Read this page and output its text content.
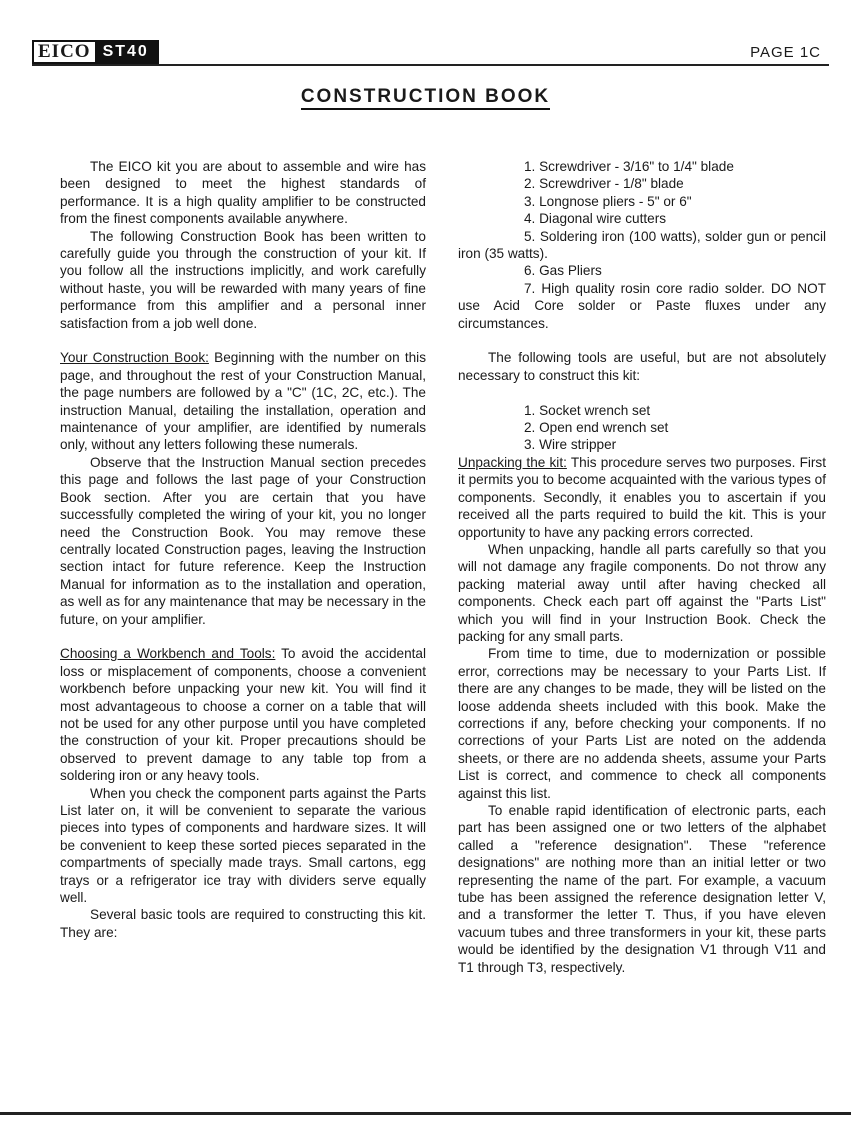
EICO ST40	PAGE 1C
CONSTRUCTION BOOK

The EICO kit you are about to assemble and wire has been designed to meet the highest standards of performance. It is a high quality amplifier to be constructed from the finest components available anywhere.

The following Construction Book has been written to carefully guide you through the construction of your kit. If you follow all the instructions implicitly, and work carefully without haste, you will be rewarded with many years of fine performance from this amplifier and a personal inner satisfaction from a job well done.

Your Construction Book: Beginning with the number on this page, and throughout the rest of your Construction Manual, the page numbers are followed by a "C" (1C, 2C, etc.). The instruction Manual, detailing the installation, operation and maintenance of your amplifier, are identified by numerals only, without any letters following these numerals.

Observe that the Instruction Manual section precedes this page and follows the last page of your Construction Book section. After you are certain that you have successfully completed the wiring of your kit, you no longer need the Construction Book. You may remove these centrally located Construction pages, leaving the Instruction section intact for future reference. Keep the Instruction Manual for information as to the installation and operation, as well as for any maintenance that may be necessary in the future, on your amplifier.

Choosing a Workbench and Tools: To avoid the accidental loss or misplacement of components, choose a convenient workbench before unpacking your new kit. You will find it most advantageous to choose a corner on a table that will not be used for any other purpose until you have completed the construction of your kit. Proper precautions should be observed to prevent damage to any table top from a soldering iron or any heavy tools.

When you check the component parts against the Parts List later on, it will be convenient to separate the various pieces into types of components and hardware sizes. It will be convenient to keep these sorted pieces separated in the compartments of specially made trays. Small cartons, egg trays or a refrigerator ice tray with dividers serve equally well.

Several basic tools are required to constructing this kit. They are:

1. Screwdriver - 3/16" to 1/4" blade

2. Screwdriver - 1/8" blade

3. Longnose pliers - 5" or 6"

4. Diagonal wire cutters

5. Soldering iron (100 watts), solder gun or pencil iron (35 watts).

6. Gas Pliers

7. High quality rosin core radio solder. DO NOT use Acid Core solder or Paste fluxes under any circumstances.

The following tools are useful, but are not absolutely necessary to construct this kit:

1. Socket wrench set

2. Open end wrench set

3. Wire stripper

Unpacking the kit: This procedure serves two purposes. First it permits you to become acquainted with the various types of components. Secondly, it enables you to ascertain if you received all the parts required to build the kit. This is your opportunity to have any packing errors corrected.

When unpacking, handle all parts carefully so that you will not damage any fragile components. Do not throw any packing material away until after having checked all components. Check each part off against the "Parts List" which you will find in your Instruction Book. Check the packing for any small parts.

From time to time, due to modernization or possible error, corrections may be necessary to your Parts List. If there are any changes to be made, they will be listed on the loose addenda sheets included with this book. Make the corrections if any, before checking your components. If no corrections of your Parts List are noted on the addenda sheets, or there are no addenda sheets, assume your Parts List is correct, and commence to check all components against this list.

To enable rapid identification of electronic parts, each part has been assigned one or two letters of the alphabet called a "reference designation". These "reference designations" are nothing more than an initial letter or two representing the name of the part. For example, a vacuum tube has been assigned the reference designation letter V, and a transformer the letter T. Thus, if you have eleven vacuum tubes and three transformers in your kit, these parts would be identified by the designation V1 through V11 and T1 through T3, respectively.
